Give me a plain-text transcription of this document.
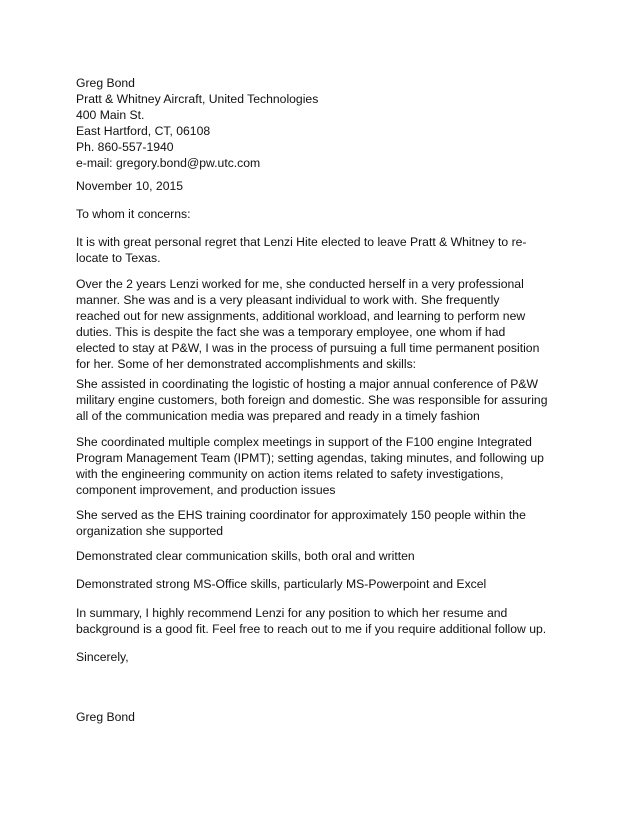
Greg Bond
Pratt & Whitney Aircraft, United Technologies
400 Main St.
East Hartford, CT, 06108
Ph. 860-557-1940
e-mail: gregory.bond@pw.utc.com
November 10, 2015
To whom it concerns:
It is with great personal regret that Lenzi Hite elected to leave Pratt & Whitney to re-
locate to Texas.
Over the 2 years Lenzi worked for me, she conducted herself in a very professional
manner. She was and is a very pleasant individual to work with. She frequently
reached out for new assignments, additional workload, and learning to perform new
duties. This is despite the fact she was a temporary employee, one whom if had
elected to stay at P&W, I was in the process of pursuing a full time permanent position
for her. Some of her demonstrated accomplishments and skills:
She assisted in coordinating the logistic of hosting a major annual conference of P&W
military engine customers, both foreign and domestic. She was responsible for assuring
all of the communication media was prepared and ready in a timely fashion
She coordinated multiple complex meetings in support of the F100 engine Integrated
Program Management Team (IPMT); setting agendas, taking minutes, and following up
with the engineering community on action items related to safety investigations,
component improvement, and production issues
She served as the EHS training coordinator for approximately 150 people within the
organization she supported
Demonstrated clear communication skills, both oral and written
Demonstrated strong MS-Office skills, particularly MS-Powerpoint and Excel
In summary, I highly recommend Lenzi for any position to which her resume and
background is a good fit. Feel free to reach out to me if you require additional follow up.
Sincerely,
Greg Bond
